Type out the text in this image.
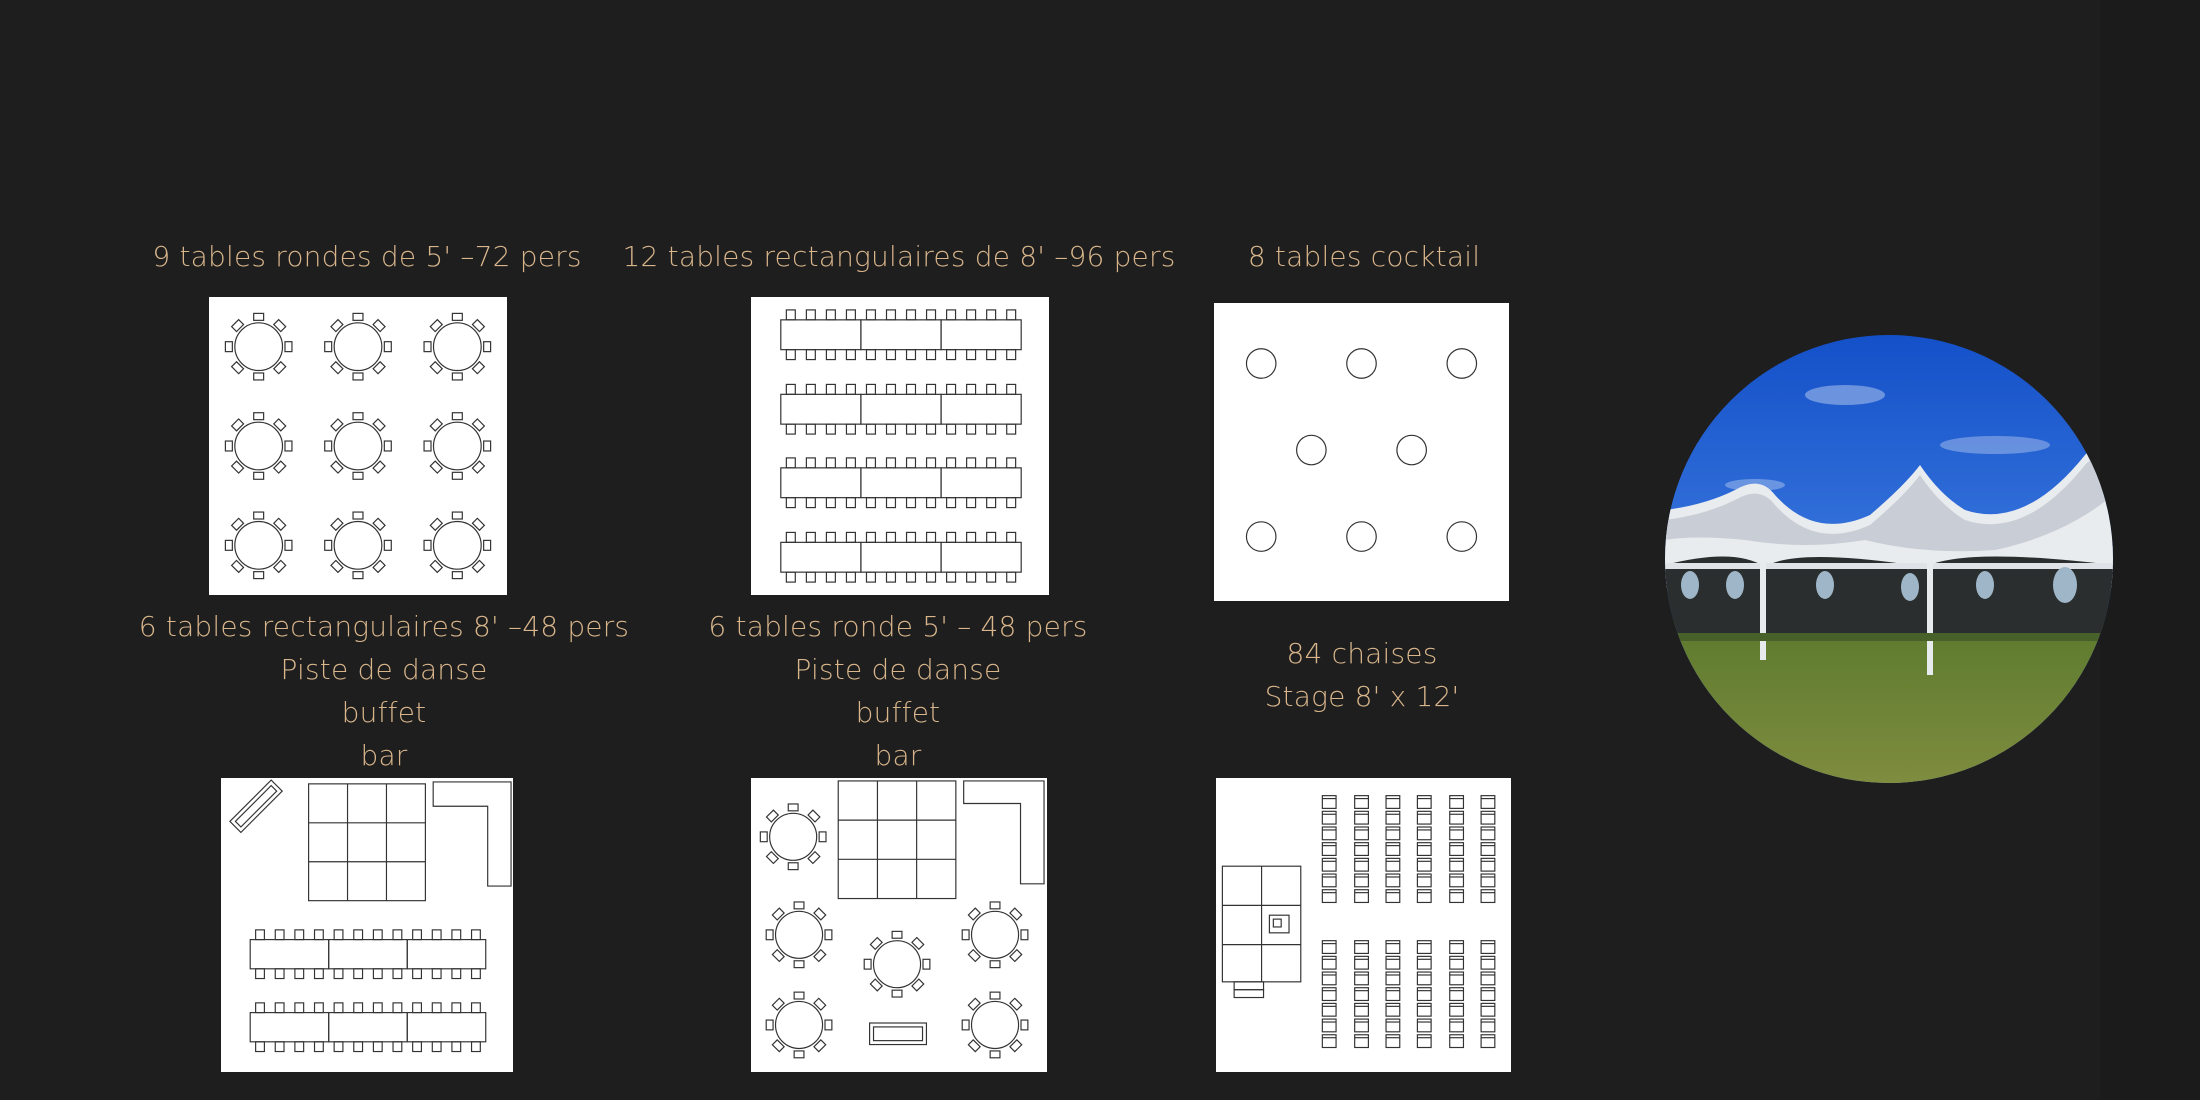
9 tables rondes de 5' –72 pers 12 tables rectangulaires de 8' –96 pers	8 tables cocktail
6 tables rectangulaires 8' –48 pers
Piste de danse
buffet
bar
6 tables ronde 5' – 48 pers
Piste de danse
buffet
bar
84 chaises
Stage 8' x 12'
